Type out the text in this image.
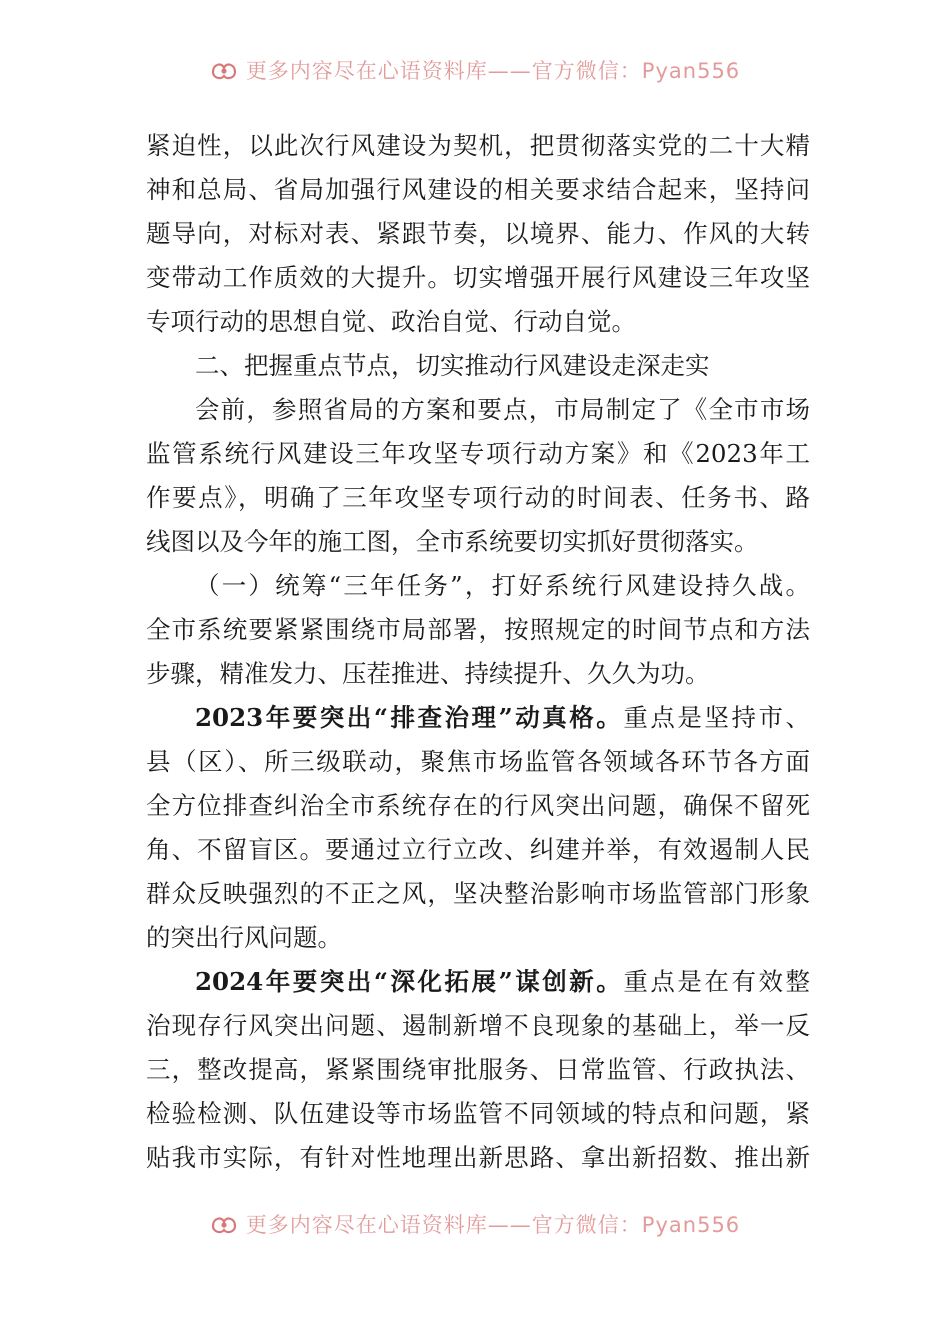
更多内容尽在心语资料库——官方微信：Pyan556
紧迫性，以此次行风建设为契机，把贯彻落实党的二十大精
神和总局、省局加强行风建设的相关要求结合起来，坚持问
题导向，对标对表、紧跟节奏，以境界、能力、作风的大转
变带动工作质效的大提升。切实增强开展行风建设三年攻坚
专项行动的思想自觉、政治自觉、行动自觉。
二、把握重点节点，切实推动行风建设走深走实
会前，参照省局的方案和要点，市局制定了《全市市场
监管系统行风建设三年攻坚专项行动方案》和《2023年工
作要点》，明确了三年攻坚专项行动的时间表、任务书、路
线图以及今年的施工图，全市系统要切实抓好贯彻落实。
（一）统筹“三年任务”，打好系统行风建设持久战。
全市系统要紧紧围绕市局部署，按照规定的时间节点和方法
步骤，精准发力、压茬推进、持续提升、久久为功。
2023年要突出“排查治理”动真格。重点是坚持市、
县（区）、所三级联动，聚焦市场监管各领域各环节各方面
全方位排查纠治全市系统存在的行风突出问题，确保不留死
角、不留盲区。要通过立行立改、纠建并举，有效遏制人民
群众反映强烈的不正之风，坚决整治影响市场监管部门形象
的突出行风问题。
2024年要突出“深化拓展”谋创新。重点是在有效整
治现存行风突出问题、遏制新增不良现象的基础上，举一反
三，整改提高，紧紧围绕审批服务、日常监管、行政执法、
检验检测、队伍建设等市场监管不同领域的特点和问题，紧
贴我市实际，有针对性地理出新思路、拿出新招数、推出新
更多内容尽在心语资料库——官方微信：Pyan556
